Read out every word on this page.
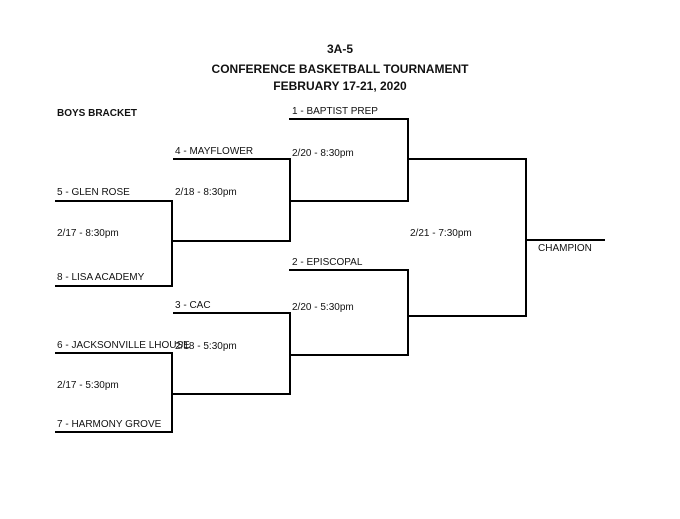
3A-5
CONFERENCE BASKETBALL TOURNAMENT
FEBRUARY 17-21, 2020
BOYS BRACKET
5 - GLEN ROSE
8 - LISA ACADEMY
4 - MAYFLOWER
1 - BAPTIST PREP
2 - EPISCOPAL
3 - CAC
6 - JACKSONVILLE LHOUSE
7 - HARMONY GROVE
2/17 - 8:30pm
2/17 - 5:30pm
2/18 - 8:30pm
2/18 - 5:30pm
2/20 - 8:30pm
2/20 - 5:30pm
2/21 - 7:30pm
CHAMPION
